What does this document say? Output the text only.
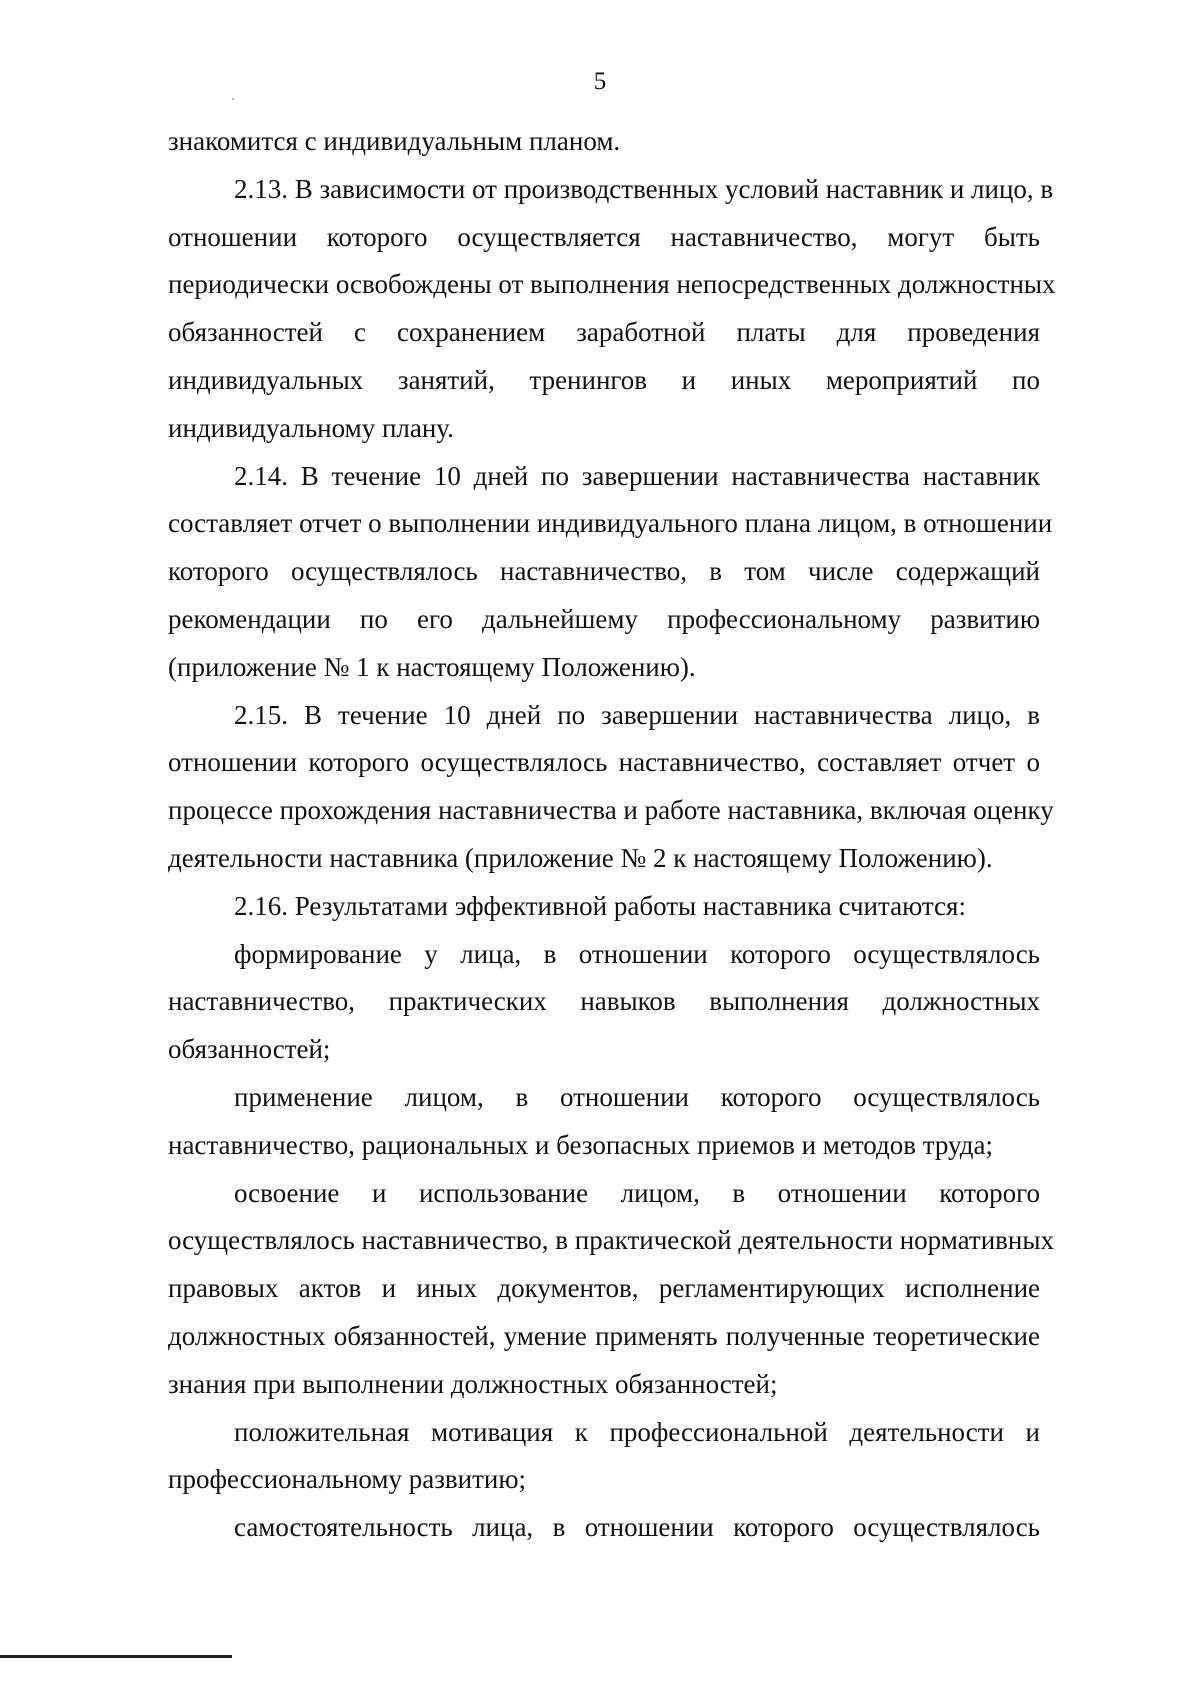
5
знакомится с индивидуальным планом.
2.13. В зависимости от производственных условий наставник и лицо, в
отношении которого осуществляется наставничество, могут быть
периодически освобождены от выполнения непосредственных должностных
обязанностей с сохранением заработной платы для проведения
индивидуальных занятий, тренингов и иных мероприятий по
индивидуальному плану.
2.14. В течение 10 дней по завершении наставничества наставник
составляет отчет о выполнении индивидуального плана лицом, в отношении
которого осуществлялось наставничество, в том числе содержащий
рекомендации по его дальнейшему профессиональному развитию
(приложение № 1 к настоящему Положению).
2.15. В течение 10 дней по завершении наставничества лицо, в
отношении которого осуществлялось наставничество, составляет отчет о
процессе прохождения наставничества и работе наставника, включая оценку
деятельности наставника (приложение № 2 к настоящему Положению).
2.16. Результатами эффективной работы наставника считаются:
формирование у лица, в отношении которого осуществлялось
наставничество, практических навыков выполнения должностных
обязанностей;
применение лицом, в отношении которого осуществлялось
наставничество, рациональных и безопасных приемов и методов труда;
освоение и использование лицом, в отношении которого
осуществлялось наставничество, в практической деятельности нормативных
правовых актов и иных документов, регламентирующих исполнение
должностных обязанностей, умение применять полученные теоретические
знания при выполнении должностных обязанностей;
положительная мотивация к профессиональной деятельности и
профессиональному развитию;
самостоятельность лица, в отношении которого осуществлялось
